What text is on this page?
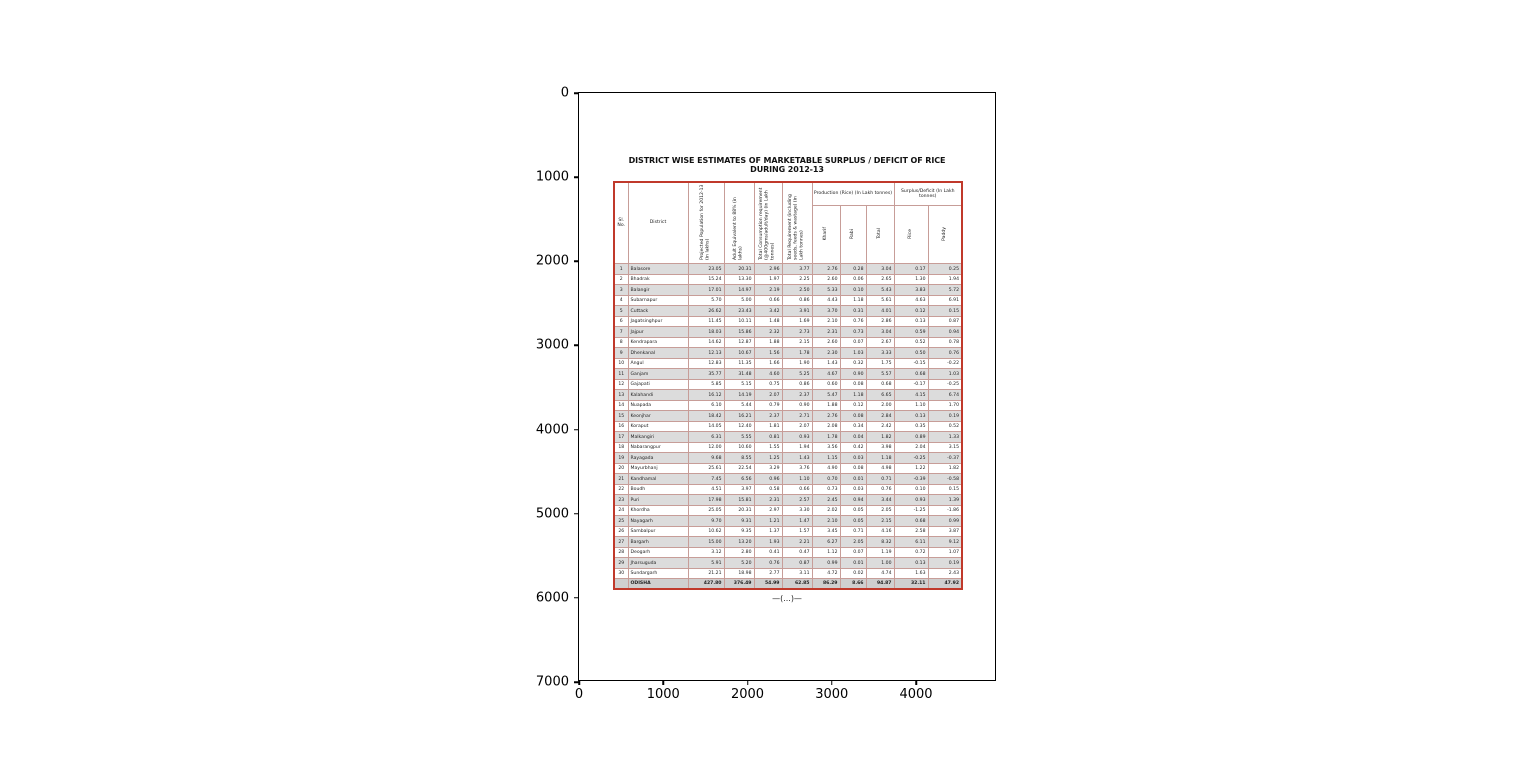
DISTRICT WISE ESTIMATES OF MARKETABLE SURPLUS / DEFICIT OF RICE
DURING 2012-13
Sl. No.	District	Projected Population for 2012-13 (in lakhs)	Adult Equivalent to 88% (in lakhs)	Total Consumption requirement (@400gms/adult/day) (in Lakh tonnes)	Total Requirement (including seeds, feeds & wastage) (in Lakh tonnes)	Production (Rice) (In Lakh tonnes)			Surplus/Deficit (In Lakh tonnes)	
						Kharif	Rabi	Total	Rice	Paddy
1	Balasore	23.05	20.31	2.96	3.77	2.76	0.28	3.04	0.17	0.25
2	Bhadrak	15.24	13.30	1.97	2.25	2.60	0.06	2.65	1.30	1.94
3	Balangir	17.01	14.97	2.19	2.50	5.33	0.10	5.43	3.83	5.72
4	Subarnapur	5.70	5.00	0.66	0.86	4.43	1.18	5.61	4.63	6.91
5	Cuttack	26.62	23.43	3.42	3.91	3.70	0.31	4.01	0.12	0.15
6	Jagatsinghpur	11.45	10.11	1.48	1.69	2.10	0.76	2.86	0.13	0.87
7	Jajpur	18.03	15.86	2.32	2.73	2.31	0.73	3.04	0.59	0.94
8	Kendrapara	14.62	12.87	1.88	2.15	2.60	0.07	2.67	0.52	0.78
9	Dhenkanal	12.13	10.67	1.56	1.78	2.30	1.03	3.33	0.50	0.76
10	Angul	12.83	11.35	1.66	1.90	1.43	0.32	1.75	-0.15	-0.22
11	Ganjam	35.77	31.48	4.60	5.25	4.67	0.90	5.57	0.68	1.03
12	Gajapati	5.85	5.15	0.75	0.86	0.60	0.08	0.68	-0.17	-0.25
13	Kalahandi	16.12	14.19	2.07	2.37	5.47	1.18	6.65	4.15	6.74
14	Nuapada	6.10	5.44	0.79	0.90	1.88	0.12	2.00	1.10	1.70
15	Keonjhar	18.42	16.21	2.37	2.71	2.76	0.08	2.84	0.13	0.19
16	Koraput	14.05	12.40	1.81	2.07	2.08	0.34	2.42	0.35	0.52
17	Malkangiri	6.31	5.55	0.81	0.93	1.78	0.04	1.82	0.89	1.33
18	Nabarangpur	12.00	10.60	1.55	1.94	3.56	0.42	3.98	2.04	3.15
19	Rayagada	9.68	8.55	1.25	1.43	1.15	0.03	1.18	-0.25	-0.37
20	Mayurbhanj	25.61	22.54	3.29	3.76	4.90	0.08	4.98	1.22	1.82
21	Kandhamal	7.45	6.56	0.96	1.10	0.70	0.01	0.71	-0.39	-0.58
22	Boudh	4.51	3.97	0.58	0.66	0.73	0.03	0.76	0.10	0.15
23	Puri	17.98	15.81	2.31	2.57	2.45	0.94	3.44	0.93	1.39
24	Khordha	25.05	20.31	2.97	3.30	2.02	0.05	2.05	-1.25	-1.86
25	Nayagarh	9.70	9.31	1.21	1.47	2.10	0.05	2.15	0.68	0.99
26	Sambalpur	10.62	9.35	1.37	1.57	3.45	0.71	4.16	2.58	3.87
27	Bargarh	15.00	13.20	1.93	2.21	6.27	2.05	8.32	6.11	9.12
28	Deogarh	3.12	2.80	0.41	0.47	1.12	0.07	1.19	0.72	1.07
29	Jharsuguda	5.91	5.20	0.76	0.87	0.99	0.01	1.00	0.13	0.19
30	Sundargarh	21.21	18.98	2.77	3.11	4.72	0.02	4.74	1.63	2.43
	ODISHA	427.80	376.49	54.99	62.85	86.29	8.66	94.87	32.11	47.92
—(...)—
0
1000
2000
3000
4000
5000
6000
7000
0	1000	2000	3000	4000
